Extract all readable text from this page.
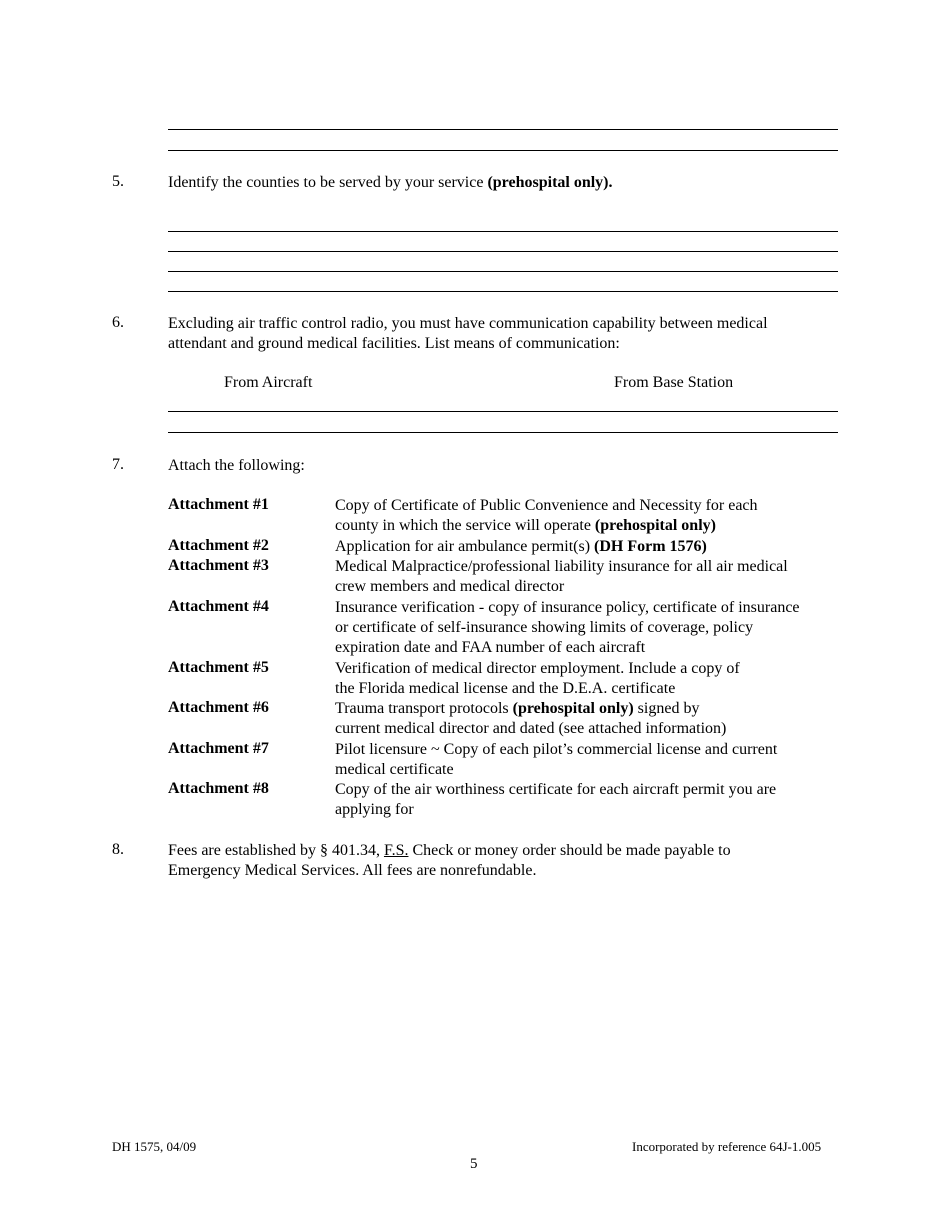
5.	Identify the counties to be served by your service (prehospital only).
6.	Excluding air traffic control radio, you must have communication capability between medical
attendant and ground medical facilities. List means of communication:
From Aircraft	From Base Station
7.	Attach the following:
Attachment #1	Copy of Certificate of Public Convenience and Necessity for each
county in which the service will operate (prehospital only)
Attachment #2	Application for air ambulance permit(s) (DH Form 1576)
Attachment #3	Medical Malpractice/professional liability insurance for all air medical
crew members and medical director
Attachment #4	Insurance verification - copy of insurance policy, certificate of insurance
or certificate of self-insurance showing limits of coverage, policy
expiration date and FAA number of each aircraft
Attachment #5	Verification of medical director employment. Include a copy of
the Florida medical license and the D.E.A. certificate
Attachment #6	Trauma transport protocols (prehospital only) signed by
current medical director and dated (see attached information)
Attachment #7	Pilot licensure ~ Copy of each pilot’s commercial license and current
medical certificate
Attachment #8	Copy of the air worthiness certificate for each aircraft permit you are
applying for
8.	Fees are established by § 401.34, F.S. Check or money order should be made payable to
Emergency Medical Services. All fees are nonrefundable.
DH 1575, 04/09	Incorporated by reference 64J-1.005
5
